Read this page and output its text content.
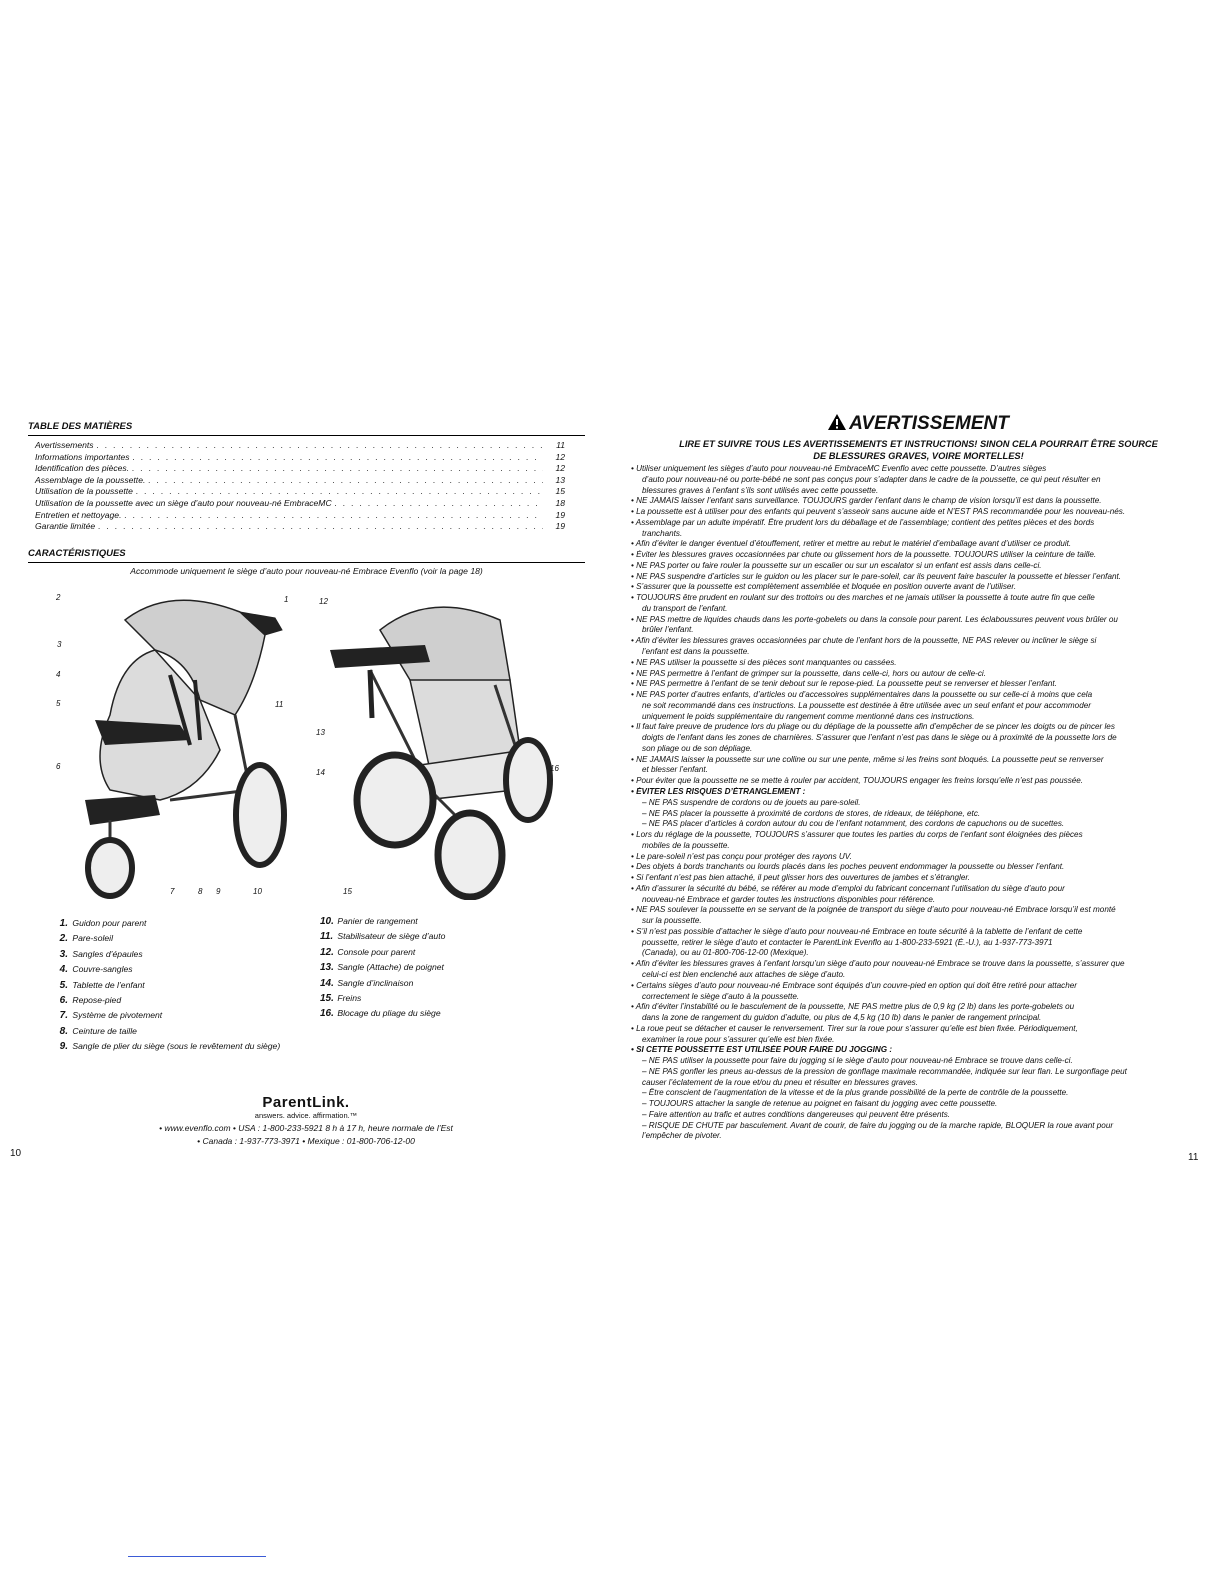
TABLE DES MATIÈRES
Avertissements . . .	11
Informations importantes . . .	12
Identification des pièces. . . .	12
Assemblage de la poussette. . . .	13
Utilisation de la poussette . . .	15
Utilisation de la poussette avec un siège d’auto pour nouveau-né EmbraceMC . . .	18
Entretien et nettoyage. . . .	19
Garantie limitée . . .	19
CARACTÉRISTIQUES
Accommode uniquement le siège d’auto pour nouveau-né Embrace Evenflo (voir la page 18)
2	1
3
4
5	11
6
7	8 9	10
12
13
14	16
15
1. Guidon pour parent
2. Pare-soleil
3. Sangles d’épaules
4. Couvre-sangles
5. Tablette de l’enfant
6. Repose-pied
7. Système de pivotement
8. Ceinture de taille
9. Sangle de plier du siège (sous le revêtement du siège)
10. Panier de rangement
11. Stabilisateur de siège d’auto
12. Console pour parent
13. Sangle (Attache) de poignet
14. Sangle d’inclinaison
15. Freins
16. Blocage du pliage du siège
ParentLink.
answers. advice. affirmation.™
• www.evenflo.com • USA : 1-800-233-5921 8 h à 17 h, heure normale de l’Est
• Canada : 1-937-773-3971 • Mexique : 01-800-706-12-00
10
AVERTISSEMENT
LIRE ET SUIVRE TOUS LES AVERTISSEMENTS ET INSTRUCTIONS! SINON CELA POURRAIT ÊTRE SOURCE
DE BLESSURES GRAVES, VOIRE MORTELLES!
• Utiliser uniquement les sièges d’auto pour nouveau-né EmbraceMC Evenflo avec cette poussette. D’autres sièges
d’auto pour nouveau-né ou porte-bébé ne sont pas conçus pour s’adapter dans le cadre de la poussette, ce qui peut résulter en
blessures graves à l’enfant s’ils sont utilisés avec cette poussette.
• NE JAMAIS laisser l’enfant sans surveillance. TOUJOURS garder l’enfant dans le champ de vision lorsqu’il est dans la poussette.
• La poussette est à utiliser pour des enfants qui peuvent s’asseoir sans aucune aide et N’EST PAS recommandée pour les nouveau-nés.
• Assemblage par un adulte impératif. Être prudent lors du déballage et de l’assemblage; contient des petites pièces et des bords
tranchants.
• Afin d’éviter le danger éventuel d’étouffement, retirer et mettre au rebut le matériel d’emballage avant d’utiliser ce produit.
• Éviter les blessures graves occasionnées par chute ou glissement hors de la poussette. TOUJOURS utiliser la ceinture de taille.
• NE PAS porter ou faire rouler la poussette sur un escalier ou sur un escalator si un enfant est assis dans celle-ci.
• NE PAS suspendre d’articles sur le guidon ou les placer sur le pare-soleil, car ils peuvent faire basculer la poussette et blesser l’enfant.
• S’assurer que la poussette est complètement assemblée et bloquée en position ouverte avant de l’utiliser.
• TOUJOURS être prudent en roulant sur des trottoirs ou des marches et ne jamais utiliser la poussette à toute autre fin que celle
du transport de l’enfant.
• NE PAS mettre de liquides chauds dans les porte-gobelets ou dans la console pour parent. Les éclaboussures peuvent vous brûler ou
brûler l’enfant.
• Afin d’éviter les blessures graves occasionnées par chute de l’enfant hors de la poussette, NE PAS relever ou incliner le siège si
l’enfant est dans la poussette.
• NE PAS utiliser la poussette si des pièces sont manquantes ou cassées.
• NE PAS permettre à l’enfant de grimper sur la poussette, dans celle-ci, hors ou autour de celle-ci.
• NE PAS permettre à l’enfant de se tenir debout sur le repose-pied. La poussette peut se renverser et blesser l’enfant.
• NE PAS porter d’autres enfants, d’articles ou d’accessoires supplémentaires dans la poussette ou sur celle-ci à moins que cela
ne soit recommandé dans ces instructions. La poussette est destinée à être utilisée avec un seul enfant et pour accommoder
uniquement le poids supplémentaire du rangement comme mentionné dans ces instructions.
• Il faut faire preuve de prudence lors du pliage ou du dépliage de la poussette afin d’empêcher de se pincer les doigts ou de pincer les
doigts de l’enfant dans les zones de charnières. S’assurer que l’enfant n’est pas dans le siège ou à proximité de la poussette lors de
son pliage ou de son dépliage.
• NE JAMAIS laisser la poussette sur une colline ou sur une pente, même si les freins sont bloqués. La poussette peut se renverser
et blesser l’enfant.
• Pour éviter que la poussette ne se mette à rouler par accident, TOUJOURS engager les freins lorsqu’elle n’est pas poussée.
• ÉVITER LES RISQUES D’ÉTRANGLEMENT :
– NE PAS suspendre de cordons ou de jouets au pare-soleil.
– NE PAS placer la poussette à proximité de cordons de stores, de rideaux, de téléphone, etc.
– NE PAS placer d’articles à cordon autour du cou de l’enfant notamment, des cordons de capuchons ou de sucettes.
• Lors du réglage de la poussette, TOUJOURS s’assurer que toutes les parties du corps de l’enfant sont éloignées des pièces
mobiles de la poussette.
• Le pare-soleil n’est pas conçu pour protéger des rayons UV.
• Des objets à bords tranchants ou lourds placés dans les poches peuvent endommager la poussette ou blesser l’enfant.
• Si l’enfant n’est pas bien attaché, il peut glisser hors des ouvertures de jambes et s’étrangler.
• Afin d’assurer la sécurité du bébé, se référer au mode d’emploi du fabricant concernant l’utilisation du siège d’auto pour
nouveau-né Embrace et garder toutes les instructions disponibles pour référence.
• NE PAS soulever la poussette en se servant de la poignée de transport du siège d’auto pour nouveau-né Embrace lorsqu’il est monté
sur la poussette.
• S’il n’est pas possible d’attacher le siège d’auto pour nouveau-né Embrace en toute sécurité à la tablette de l’enfant de cette
poussette, retirer le siège d’auto et contacter le ParentLink Evenflo au 1-800-233-5921 (É.-U.), au 1-937-773-3971
(Canada), ou au 01-800-706-12-00 (Mexique).
• Afin d’éviter les blessures graves à l’enfant lorsqu’un siège d’auto pour nouveau-né Embrace se trouve dans la poussette, s’assurer que
celui-ci est bien enclenché aux attaches de siège d’auto.
• Certains sièges d’auto pour nouveau-né Embrace sont équipés d’un couvre-pied en option qui doit être retiré pour attacher
correctement le siège d’auto à la poussette.
• Afin d’éviter l’instabilité ou le basculement de la poussette, NE PAS mettre plus de 0,9 kg (2 lb) dans les porte-gobelets ou
dans la zone de rangement du guidon d’adulte, ou plus de 4,5 kg (10 lb) dans le panier de rangement principal.
• La roue peut se détacher et causer le renversement. Tirer sur la roue pour s’assurer qu’elle est bien fixée. Périodiquement,
examiner la roue pour s’assurer qu’elle est bien fixée.
• SI CETTE POUSSETTE EST UTILISÉE POUR FAIRE DU JOGGING :
– NE PAS utiliser la poussette pour faire du jogging si le siège d’auto pour nouveau-né Embrace se trouve dans celle-ci.
– NE PAS gonfler les pneus au-dessus de la pression de gonflage maximale recommandée, indiquée sur leur flan. Le surgonflage peut
causer l’éclatement de la roue et/ou du pneu et résulter en blessures graves.
– Être conscient de l’augmentation de la vitesse et de la plus grande possibilité de la perte de contrôle de la poussette.
– TOUJOURS attacher la sangle de retenue au poignet en faisant du jogging avec cette poussette.
– Faire attention au trafic et autres conditions dangereuses qui peuvent être présents.
– RISQUE DE CHUTE par basculement. Avant de courir, de faire du jogging ou de la marche rapide, BLOQUER la roue avant pour
l’empêcher de pivoter.
11
